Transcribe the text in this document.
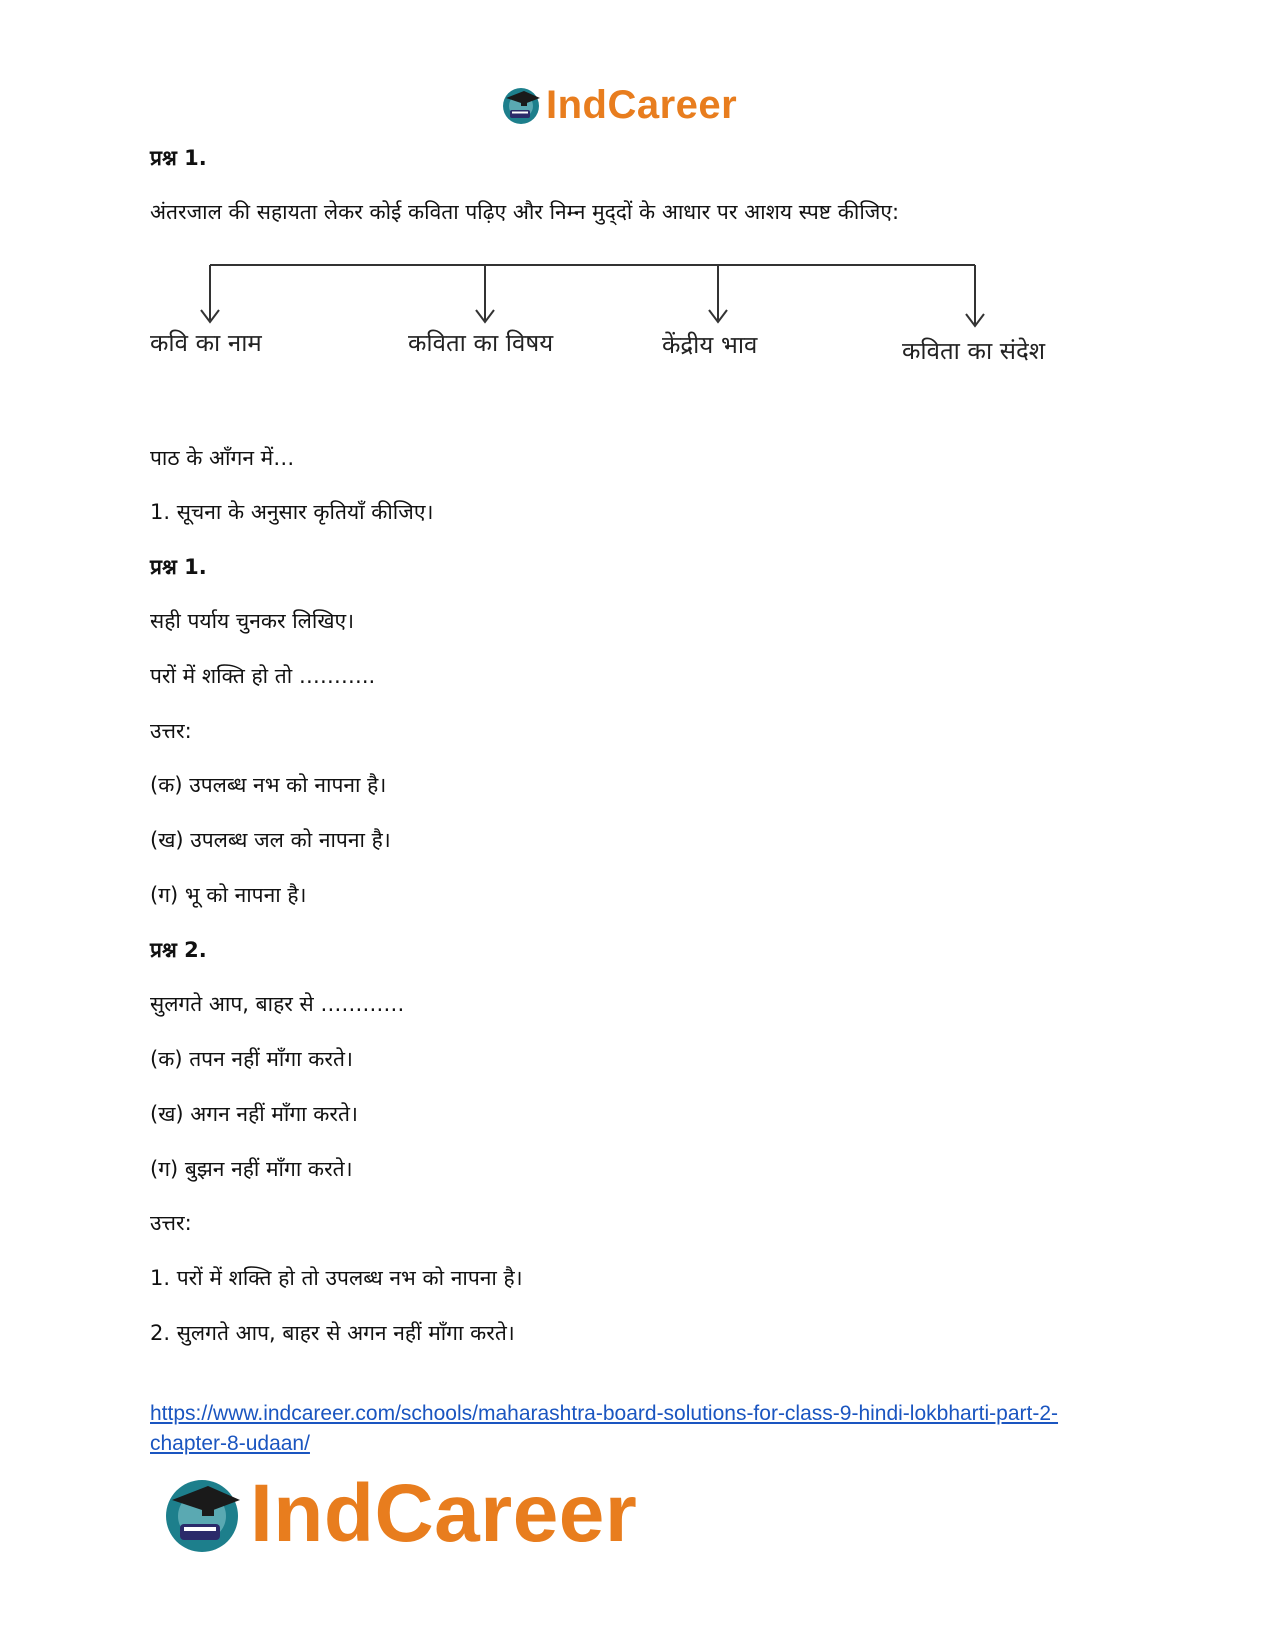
IndCareer
प्रश्न 1.
अंतरजाल की सहायता लेकर कोई कविता पढ़िए और निम्न मुद्‌दों के आधार पर आशय स्पष्ट कीजिए:
कवि का नाम	कविता का विषय	केंद्रीय भाव	कविता का संदेश
पाठ के आँगन में…
1. सूचना के अनुसार कृतियाँ कीजिए।
प्रश्न 1.
सही पर्याय चुनकर लिखिए।
परों में शक्ति हो तो ………..
उत्तर:
(क) उपलब्ध नभ को नापना है।
(ख) उपलब्ध जल को नापना है।
(ग) भू को नापना है।
प्रश्न 2.
सुलगते आप, बाहर से …………
(क) तपन नहीं माँगा करते।
(ख) अगन नहीं माँगा करते।
(ग) बुझन नहीं माँगा करते।
उत्तर:
1. परों में शक्ति हो तो उपलब्ध नभ को नापना है।
2. सुलगते आप, बाहर से अगन नहीं माँगा करते।
https://www.indcareer.com/schools/maharashtra-board-solutions-for-class-9-hindi-lokbharti-part-2-chapter-8-udaan/
IndCareer
